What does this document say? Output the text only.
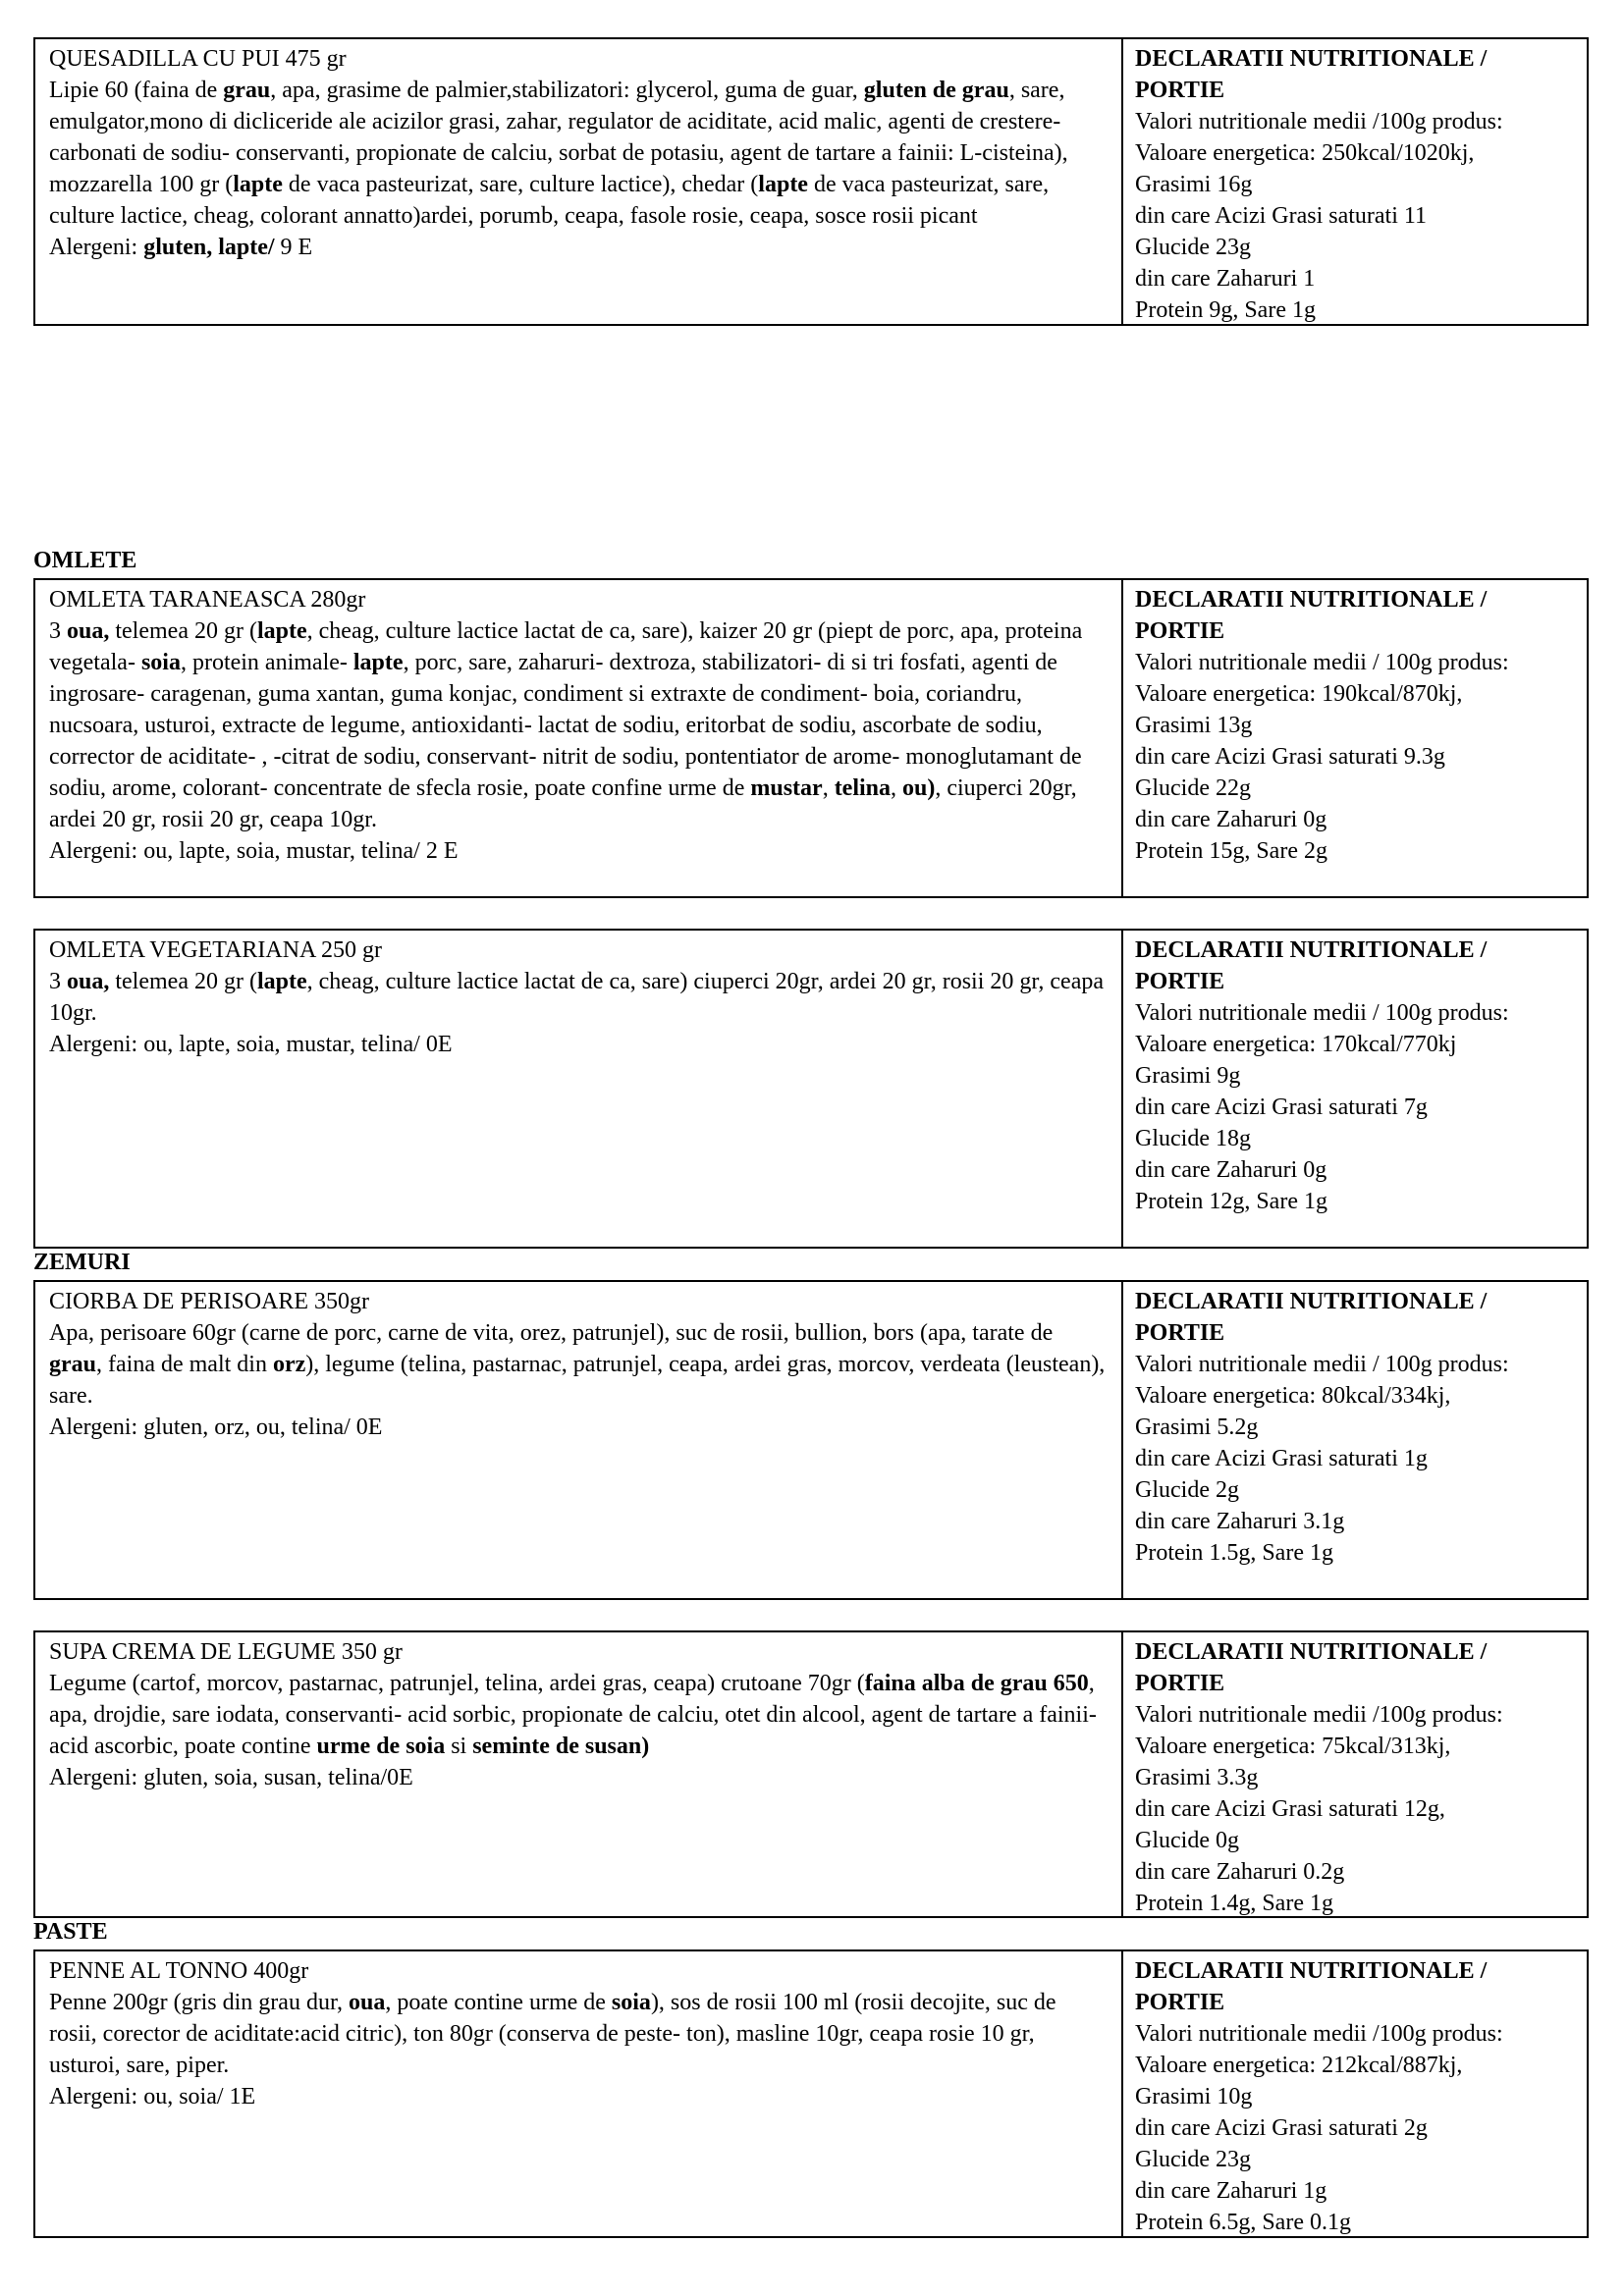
OMLETE
ZEMURI
PASTE

QUESADILLA CU PUI 475 gr

Lipie 60 (faina de grau, apa, grasime de palmier,stabilizatori: glycerol, guma de guar, gluten de grau, sare, emulgator,mono di dicliceride ale acizilor grasi, zahar, regulator de aciditate, acid malic, agenti de crestere-carbonati de sodiu- conservanti, propionate de calciu, sorbat de potasiu, agent de tartare a fainii: L-cisteina), mozzarella 100 gr (lapte de vaca pasteurizat, sare, culture lactice), chedar (lapte de vaca pasteurizat, sare, culture lactice, cheag, colorant annatto)ardei, porumb, ceapa, fasole rosie, ceapa, sosce rosii picant

Alergeni: gluten, lapte/ 9 E

DECLARATII NUTRITIONALE / PORTIE

Valori nutritionale medii /100g produs:

Valoare energetica: 250kcal/1020kj,

Grasimi 16g

din care Acizi Grasi saturati 11

Glucide 23g

din care Zaharuri 1

Protein 9g, Sare 1g

OMLETA TARANEASCA 280gr

3 oua, telemea 20 gr (lapte, cheag, culture lactice lactat de ca, sare), kaizer 20 gr (piept de porc, apa, proteina vegetala- soia, protein animale- lapte, porc, sare, zaharuri- dextroza, stabilizatori- di si tri fosfati, agenti de ingrosare- caragenan, guma xantan, guma konjac, condiment si extraxte de condiment- boia, coriandru, nucsoara, usturoi, extracte de legume, antioxidanti- lactat de sodiu, eritorbat de sodiu, ascorbate de sodiu, corrector de aciditate- , -citrat de sodiu, conservant- nitrit de sodiu, pontentiator de arome- monoglutamant de sodiu, arome, colorant- concentrate de sfecla rosie, poate confine urme de mustar, telina, ou), ciuperci 20gr, ardei 20 gr, rosii 20 gr, ceapa 10gr.

Alergeni: ou, lapte, soia, mustar, telina/ 2 E

DECLARATII NUTRITIONALE / PORTIE

Valori nutritionale medii / 100g produs:

Valoare energetica: 190kcal/870kj,

Grasimi 13g

din care Acizi Grasi saturati 9.3g

Glucide 22g

din care Zaharuri 0g

Protein 15g, Sare 2g

OMLETA VEGETARIANA 250 gr

3 oua, telemea 20 gr (lapte, cheag, culture lactice lactat de ca, sare) ciuperci 20gr, ardei 20 gr, rosii 20 gr, ceapa 10gr.

Alergeni: ou, lapte, soia, mustar, telina/ 0E

DECLARATII NUTRITIONALE / PORTIE

Valori nutritionale medii / 100g produs:

Valoare energetica: 170kcal/770kj

Grasimi 9g

din care Acizi Grasi saturati 7g

Glucide 18g

din care Zaharuri 0g

Protein 12g, Sare 1g

CIORBA DE PERISOARE 350gr

Apa, perisoare 60gr (carne de porc, carne de vita, orez, patrunjel), suc de rosii, bullion, bors (apa, tarate de grau, faina de malt din orz), legume (telina, pastarnac, patrunjel, ceapa, ardei gras, morcov, verdeata (leustean), sare.

Alergeni: gluten, orz, ou, telina/ 0E

DECLARATII NUTRITIONALE / PORTIE

Valori nutritionale medii / 100g produs:

Valoare energetica: 80kcal/334kj,

Grasimi 5.2g

din care Acizi Grasi saturati 1g

Glucide 2g

din care Zaharuri 3.1g

Protein 1.5g, Sare 1g

SUPA CREMA DE LEGUME 350 gr

Legume (cartof, morcov, pastarnac, patrunjel, telina, ardei gras, ceapa) crutoane 70gr (faina alba de grau 650, apa, drojdie, sare iodata, conservanti- acid sorbic, propionate de calciu, otet din alcool, agent de tartare a fainii- acid ascorbic, poate contine urme de soia si seminte de susan)

Alergeni: gluten, soia, susan, telina/0E

DECLARATII NUTRITIONALE / PORTIE

Valori nutritionale medii /100g produs:

Valoare energetica: 75kcal/313kj,

Grasimi 3.3g

din care Acizi Grasi saturati 12g,

Glucide 0g

din care Zaharuri 0.2g

Protein 1.4g, Sare 1g

PENNE AL TONNO 400gr

Penne 200gr (gris din grau dur, oua, poate contine urme de soia), sos de rosii 100 ml (rosii decojite, suc de rosii, corector de aciditate:acid citric), ton 80gr (conserva de peste- ton), masline 10gr, ceapa rosie 10 gr, usturoi, sare, piper.

Alergeni: ou, soia/ 1E

DECLARATII NUTRITIONALE / PORTIE

Valori nutritionale medii /100g produs:

Valoare energetica: 212kcal/887kj,

Grasimi 10g

din care Acizi Grasi saturati 2g

Glucide 23g

din care Zaharuri 1g

Protein 6.5g, Sare 0.1g
